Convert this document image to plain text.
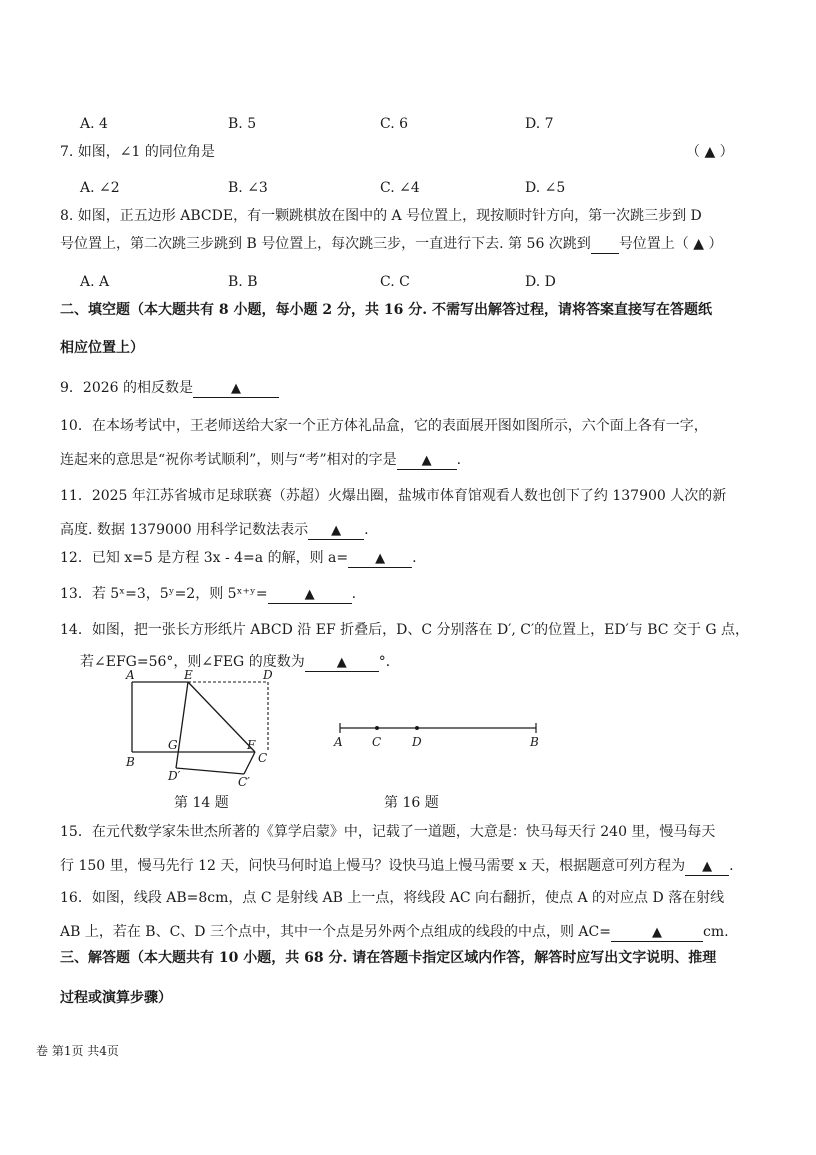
A. 4	B. 5	C. 6	D. 7
7. 如图，∠1 的同位角是	（ ▲ ）
A. ∠2	B. ∠3	C. ∠4	D. ∠5
8. 如图，正五边形 ABCDE，有一颗跳棋放在图中的 A 号位置上，现按顺时针方向，第一次跳三步到 D
号位置上，第二次跳三步跳到 B 号位置上，每次跳三步，一直进行下去. 第 56 次跳到 号位置上（ ▲ ）
A. A	B. B	C. C	D. D
二、填空题（本大题共有 8 小题，每小题 2 分，共 16 分. 不需写出解答过程，请将答案直接写在答题纸
相应位置上）
9．2026 的相反数是	▲
10．在本场考试中，王老师送给大家一个正方体礼品盒，它的表面展开图如图所示，六个面上各有一字，
连起来的意思是“祝你考试顺利”，则与“考”相对的字是 ▲ .
11．2025 年江苏省城市足球联赛（苏超）火爆出圈，盐城市体育馆观看人数也创下了约 137900 人次的新
高度. 数据 1379000 用科学记数法表示 ▲ .
12．已知 x=5 是方程 3x - 4=a 的解，则 a= ▲ .
13．若 5ˣ=3，5ʸ=2，则 5ˣ⁺ʸ=	▲	.
14．如图，把一张长方形纸片 ABCD 沿 EF 折叠后，D、C 分别落在 D′, C′的位置上，ED′与 BC 交于 G 点，
若∠EFG=56°，则∠FEG 的度数为 ▲ °．
A	E	D
G	F
C
B
D′	C′
第 14 题
A C	D	B
第 16 题
15．在元代数学家朱世杰所著的《算学启蒙》中，记载了一道题，大意是：快马每天行 240 里，慢马每天
行 150 里，慢马先行 12 天，问快马何时追上慢马？设快马追上慢马需要 x 天，根据题意可列方程为 ▲ .
16．如图，线段 AB=8cm，点 C 是射线 AB 上一点，将线段 AC 向右翻折，使点 A 的对应点 D 落在射线
AB 上，若在 B、C、D 三个点中，其中一个点是另外两个点组成的线段的中点，则 AC=	▲	cm.
三、解答题（本大题共有 10 小题，共 68 分. 请在答题卡指定区域内作答，解答时应写出文字说明、推理
过程或演算步骤）
卷 第1页 共4页
